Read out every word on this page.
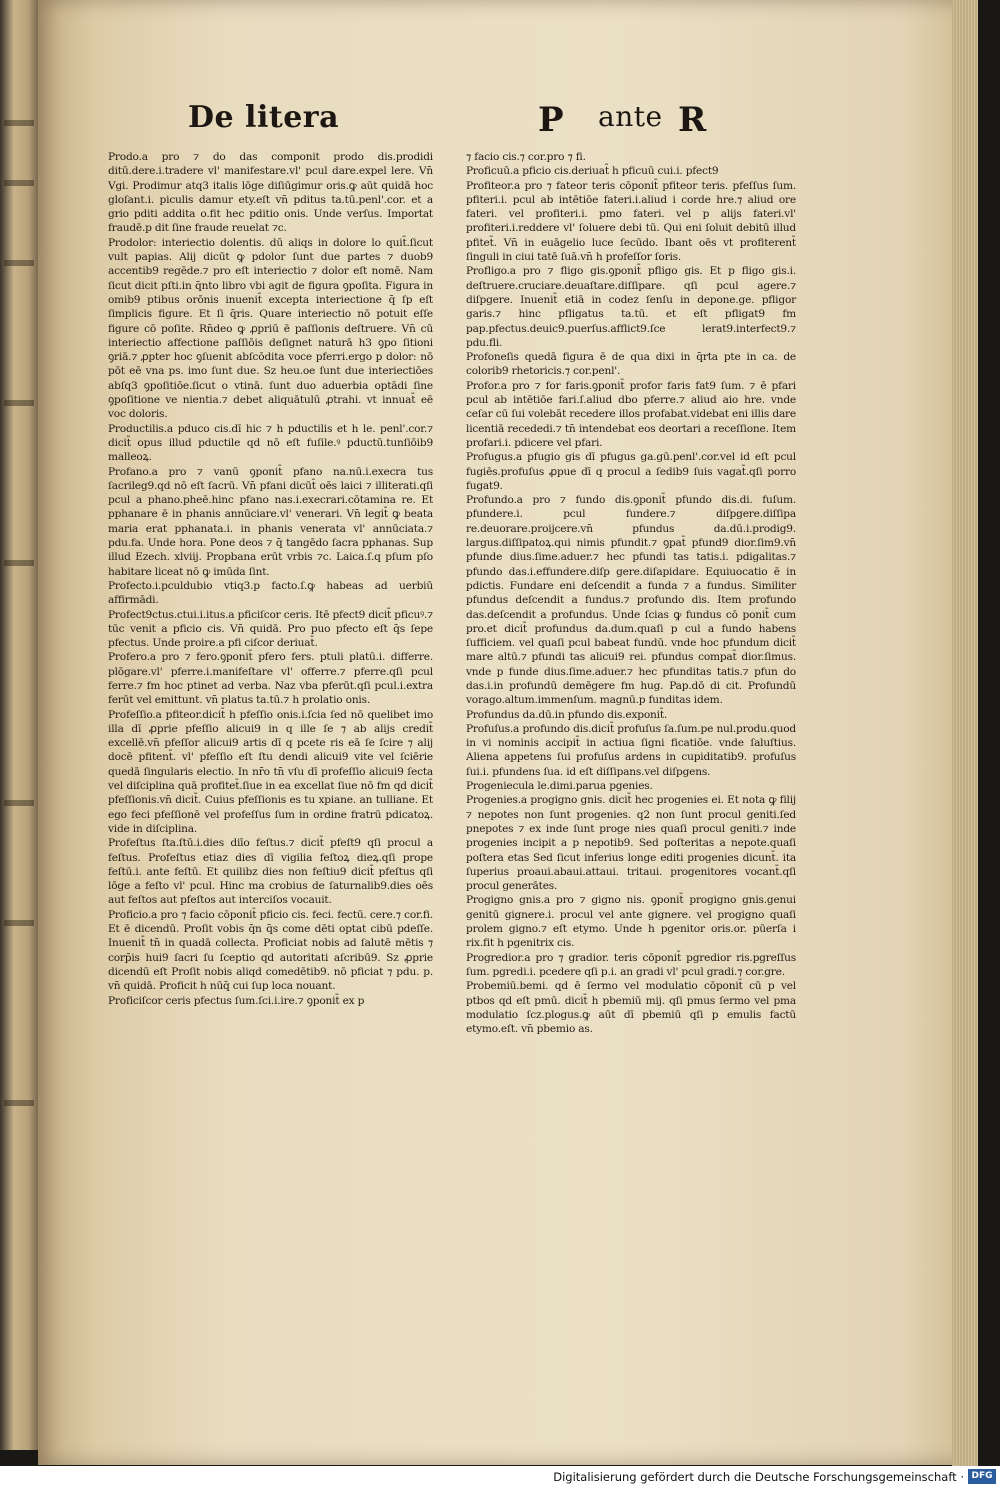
De litera	P ante R

Prodo.a pro ⁊ do das componit prodo dis.prodidi ditū.dere.i.tradere vl' manifestare.vl' pcul dare.expel lere. Vn̄ Vgi. Prodimur atq3 italis lōge diſiūgimur oris.ꝙ aūt quidā hoc gloſant.i. piculis damur ety.eſt vn̄ pditus ta.tū.penl'.cor. et a grio pditi addita o.fit hec pditio onis. Unde verſus. Importat fraudē.p dit ſine fraude reuelat ⁊c.

Prodolor: interiectio dolentis. dū aliqs in dolore lo quit̄.ſicut vult papias. Alij dicūt ꝙ pdolor ſunt due partes ⁊ duob9 accentib9 regēde.⁊ pro eſt interiectio ⁊ dolor eſt nomē. Nam ſicut dicit pſti.in q̄nto libro vbi agit de figura ꝯpoſita. Figura in omib9 ptibus orōnis inuenit̄ excepta interiectione q̄ ſp eſt ſimplicis figure. Et ſi q̄ris. Quare interiectio nō potuit eſſe figure cō poſite. Rn̄deo ꝙ ꝓpriū ē paſſionis deſtruere. Vn̄ cū interiectio affectione paſſiōis deſignet naturā h3 ꝯpo ſitioni ꝯriā.⁊ ꝓpter hoc ꝯſuenit abſcōdita voce pferri.ergo p dolor: nō pōt eē vna ps. imo ſunt due. Sz heu.oe ſunt due interiectiōes abſq3 ꝯpoſitiōe.ſicut o vtinā. ſunt duo aduerbia optādi ſine ꝯpoſitione ve nientia.⁊ debet aliquātulū ꝓtrahi. vt innuat̄ eē voc doloris.

Productilis.a pduco cis.dī hic ⁊ h pductilis et h le. penl'.cor.⁊ dicit̄ opus illud pductile qd nō eſt fuſile.ꝰ pductū.tunſiōib9 malleoꝝ.

Profano.a pro ⁊ vanū ꝯponit̄ pfano na.nū.i.execra tus ſacrileg9.qd nō eſt ſacrū. Vn̄ pfani dicūt̄ oēs laici ⁊ illiterati.qſi pcul a phano.pheē.hinc pfano nas.i.execrari.cōtamina re. Et pphanare ē in phanis annūciare.vl' venerari. Vn̄ legit̄ ꝙ beata maria erat pphanata.i. in phanis venerata vl' annūciata.⁊ pdu.fa. Unde hora. Pone deos ⁊ q̄ tangēdo ſacra pphanas. Sup illud Ezech. xlviij. Propbana erūt vrbis ⁊c. Laica.ſ.q pſum pſo habitare liceat nō ꝙ imūda ſint.

Profecto.i.pculdubio vtiq3.p facto.ſ.ꝙ habeas ad uerbiū affirmādi.

Profect9ctus.ctui.i.itus.a pficiſcor ceris. Itē pfect9 dicit̄ pficuꝰ.⁊ tūc venit a pficio cis. Vn̄ quidā. Pro puo pfecto eſt q̄s ſepe pfectus. Unde proire.a pfi ciſcor deriuat̄.

Profero.a pro ⁊ fero.ꝯponit̄ pfero fers. ptuli platū.i. differre. plōgare.vl' pferre.i.manifeſtare vl' offerre.⁊ pferre.qſi pcul ferre.⁊ fm hoc ptinet ad verba. Naz vba pferūt.qſi pcul.i.extra ferūt vel emittunt. vn̄ platus ta.tū.⁊ h prolatio onis.

Profeſſio.a pfiteor.dicit̄ h pfeſſio onis.i.ſcia ſed nō quelibet imo illa dī ꝓprie pfeſſio alicui9 in q ille ſe ⁊ ab alijs credit̄ excellē.vn̄ pfeſſor alicui9 artis dī q pcete ris eā ſe ſcire ⁊ alij docē pfitent̄. vl' pfeſſio eſt ſtu dendi alicui9 vite vel ſciērie quedā ſingularis electio. In nr̄o tn̄ vſu dī profeſſio alicui9 ſecta vel diſciplina quā profitet̄.ſiue in ea excellat ſiue nō fm qd dicit̄ pfeſſionis.vn̄ dicit̄. Cuius pfeſſionis es tu xpiane. an tulliane. Et ego feci pfeſſionē vel profeſſus ſum in ordine fratrū pdicatoꝝ. vide in diſciplina.

Profeſtus ſta.ſtū.i.dies diīo feſtus.⁊ dicit̄ pfeſt9 qſi procul a feſtus. Profeſtus etiaz dies dī vigilia feſtoꝝ dieꝝ.qſi prope feſtū.i. ante feſtū. Et quilibz dies non feſtiu9 dicit̄ pfeſtus qſi lōge a feſto vl' pcul. Hinc ma crobius de ſaturnalib9.dies oēs aut feſtos aut pfeſtos aut interciſos vocauit.

Proficio.a pro ⁊ facio cōponit̄ pficio cis. feci. fectū. cere.⁊ cor.fi. Et ē dicendū. Proſit vobis q̄n q̄s come dēti optat cibū pdeſſe. Inuenit̄ tn̄ in quadā collecta. Proficiat nobis ad ſalutē mētis ⁊ corp̄is hui9 ſacri ſu ſceptio qd autoritati aſcribū9. Sz ꝓprie dicendū eſt Proſit nobis aliqd comedētib9. nō pficiat ⁊ pdu. p. vn̄ quidā. Proficit h nūq̄ cui ſup loca nouant.

Proficiſcor ceris pfectus ſum.ſci.i.ire.⁊ ꝯponit̄ ex p

⁊ facio cis.⁊ cor.pro ⁊ fi.

Proficuū.a pficio cis.deriuat̄ h pficuū cui.i. pfect9

Profiteor.a pro ⁊ fateor teris cōponit̄ pfiteor teris. pfeſſus ſum. pfiteri.i. pcul ab intētiōe fateri.i.aliud i corde hre.⁊ aliud ore fateri. vel profiteri.i. pmo fateri. vel p alijs fateri.vl' profiteri.i.reddere vl' ſoluere debi tū. Qui eni ſoluit debitū illud pfitet̄. Vn̄ in euāgelio luce ſecūdo. Ibant oēs vt profiterent̄ ſinguli in ciui tatē ſuā.vn̄ h profeſſor ſoris.

Profligo.a pro ⁊ fligo gis.ꝯponit̄ pfligo gis. Et p fligo gis.i. deſtruere.cruciare.deuaſtare.diſſipare. qſi pcul agere.⁊ diſpgere. Inuenit̄ etiā in codez ſenſu in depone.ge. pfligor garis.⁊ hinc pfligatus ta.tū. et eſt pfligat9 fm pap.pfectus.deuic9.puerſus.afflict9.ſce lerat9.interfect9.⁊ pdu.fli.

Profoneſis quedā figura ē de qua dixi in q̄rta pte in ca. de colorib9 rhetoricis.⁊ cor.penl'.

Profor.a pro ⁊ for faris.ꝯponit̄ profor faris fat9 ſum. ⁊ ē pfari pcul ab intētiōe fari.ſ.aliud dbo pferre.⁊ aliud aio hre. vnde ceſar cū ſui volebāt recedere illos profabat.videbat eni illis dare licentiā recededi.⁊ tn̄ intendebat eos deortari a receſſione. Item profari.i. pdicere vel pfari.

Profugus.a pfugio gis dī pfugus ga.gū.penl'.cor.vel id eſt pcul fugiēs.profuſus ꝓpue dī q procul a ſedib9 ſuis vagat̄.qſi porro fugat9.

Profundo.a pro ⁊ fundo dis.ꝯponit̄ pfundo dis.di. fuſum. pfundere.i. pcul fundere.⁊ diſpgere.diſſipa re.deuorare.proijcere.vn̄ pfundus da.dū.i.prodig9. largus.diſſipatoꝝ.qui nimis pfundit.⁊ ꝯpat̄ pfund9 dior.ſim9.vn̄ pfunde dius.ſime.aduer.⁊ hec pfundi tas tatis.i. pdigalitas.⁊ pfundo das.i.effundere.diſp gere.diſapidare. Equiuocatio ē in pdictis. Fundare eni deſcendit a funda ⁊ a fundus. Similiter pfundus deſcendit a fundus.⁊ profundo dis. Item profundo das.deſcendit a profundus. Unde ſcias ꝙ fundus cō ponit̄ cum pro.et dicit̄ profundus da.dum.quaſi p cul a fundo habens ſufficiem. vel quaſi pcul babeat fundū. vnde hoc pfundum dicit̄ mare altū.⁊ pfundi tas alicui9 rei. pfundus compat̄ dior.ſimus. vnde p funde dius.ſime.aduer.⁊ hec pfunditas tatis.⁊ pfun do das.i.in profundū demēgere fm hug. Pap.dō di cit. Profundū vorago.altum.immenſum. magnū.p funditas idem.

Profundus da.dū.in pfundo dis.exponit̄.

Profuſus.a profundo dis.dicit̄ profuſus ſa.ſum.pe nul.produ.quod in vi nominis accipit̄ in actiua ſigni ficatiōe. vnde ſaluſtius. Aliena appetens ſui profuſus ardens in cupiditatib9. profuſus ſui.i. pfundens ſua. id eſt diſſipans.vel diſpgens.

Progeniecula le.dimi.parua pgenies.

Progenies.a progigno gnis. dicit̄ hec progenies ei. Et nota ꝙ filij ⁊ nepotes non ſunt progenies. q2 non ſunt procul geniti.ſed pnepotes ⁊ ex inde ſunt proge nies quaſi procul geniti.⁊ inde progenies incipit a p nepotib9. Sed poſteritas a nepote.quaſi poſtera etas Sed ſicut inferius longe editi progenies dicunt̄. ita ſuperius proaui.abaui.attaui. tritaui. progenitores vocant̄.qſi procul generātes.

Progigno gnis.a pro ⁊ gigno nis. ꝯponit̄ progigno gnis.genui genitū gignere.i. procul vel ante gignere. vel progigno quaſi prolem gigno.⁊ eſt etymo. Unde h pgenitor oris.or. pūerſa i rix.fit h pgenitrix cis.

Progredior.a pro ⁊ gradior. teris cōponit̄ pgredior ris.pgreſſus ſum. pgredi.i. pcedere qſi p.i. an gradi vl' pcul gradi.⁊ cor.gre.

Probemiū.bemi. qd ē ſermo vel modulatio cōponit̄ cū p vel ptbos qd eſt pmū. dicit̄ h pbemiū mij. qſi pmus ſermo vel pma modulatio ſcz.plogus.ꝙ aūt dī pbemiū qſi p emulis factū etymo.eſt. vn̄ pbemio as.

Digitalisierung gefördert durch die Deutsche Forschungsgemeinschaft · DFG
